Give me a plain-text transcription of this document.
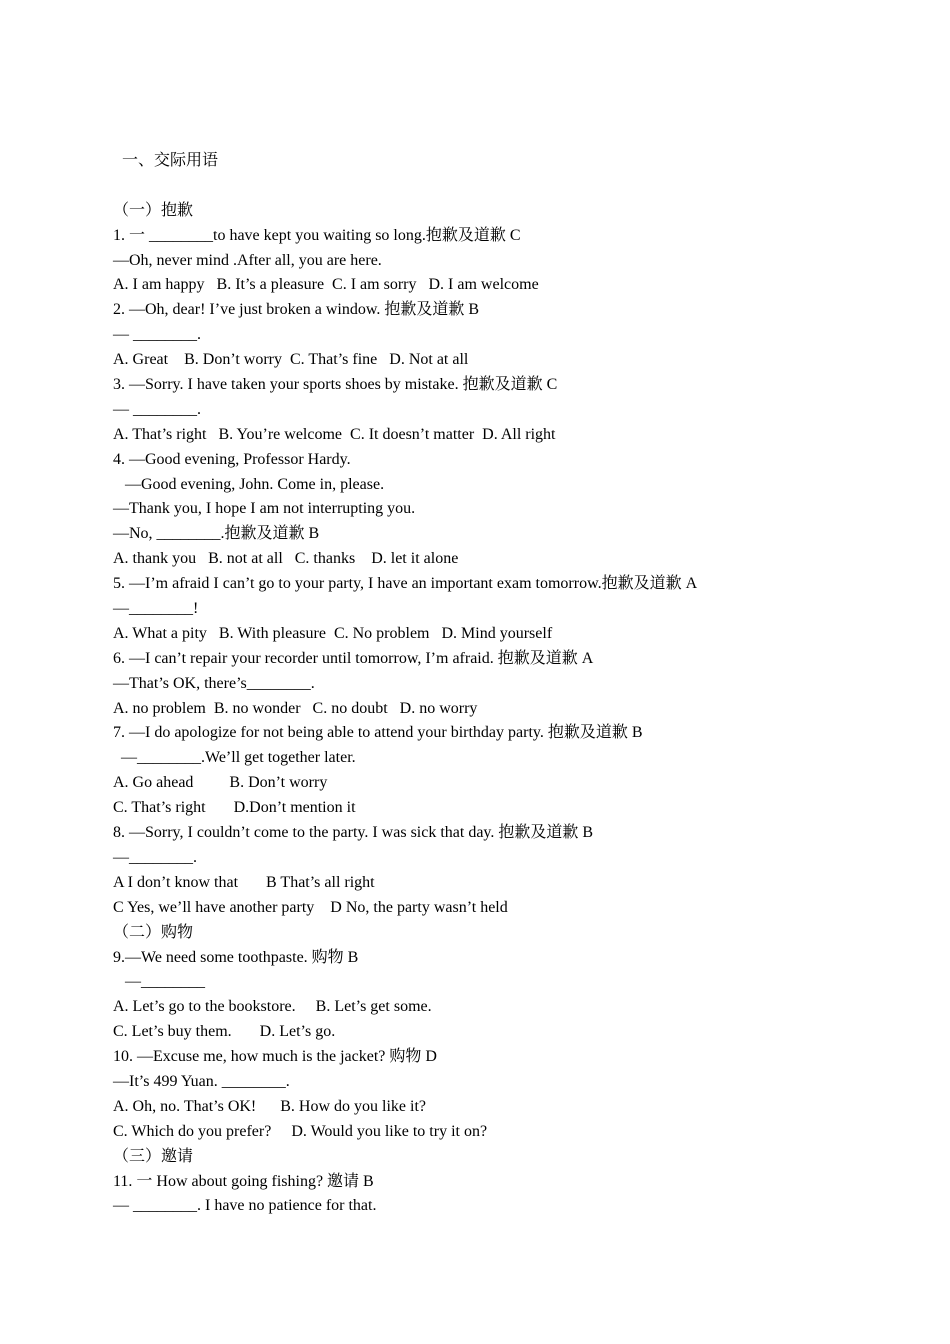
一、交际用语
（一）抱歉
1. 一 ________to have kept you waiting so long.抱歉及道歉 C
—Oh, never mind .After all, you are here.
A. I am happy   B. It’s a pleasure  C. I am sorry   D. I am welcome
2. —Oh, dear! I’ve just broken a window. 抱歉及道歉 B
— ________.
A. Great    B. Don’t worry  C. That’s fine   D. Not at all
3. —Sorry. I have taken your sports shoes by mistake. 抱歉及道歉 C
— ________.
A. That’s right   B. You’re welcome  C. It doesn’t matter  D. All right
4. —Good evening, Professor Hardy.
—Good evening, John. Come in, please.
—Thank you, I hope I am not interrupting you.
—No, ________.抱歉及道歉 B
A. thank you   B. not at all   C. thanks    D. let it alone
5. —I’m afraid I can’t go to your party, I have an important exam tomorrow.抱歉及道歉 A
—________!
A. What a pity   B. With pleasure  C. No problem   D. Mind yourself
6. —I can’t repair your recorder until tomorrow, I’m afraid. 抱歉及道歉 A
—That’s OK, there’s________.
A. no problem  B. no wonder   C. no doubt   D. no worry
7. —I do apologize for not being able to attend your birthday party. 抱歉及道歉 B
—________.We’ll get together later.
A. Go ahead         B. Don’t worry
C. That’s right       D.Don’t mention it
8. —Sorry, I couldn’t come to the party. I was sick that day. 抱歉及道歉 B
—________.
A I don’t know that       B That’s all right
C Yes, we’ll have another party    D No, the party wasn’t held
（二）购物
9.—We need some toothpaste. 购物 B
—________
A. Let’s go to the bookstore.     B. Let’s get some.
C. Let’s buy them.       D. Let’s go.
10. —Excuse me, how much is the jacket? 购物 D
—It’s 499 Yuan. ________.
A. Oh, no. That’s OK!      B. How do you like it?
C. Which do you prefer?     D. Would you like to try it on?
（三）邀请
11. 一 How about going fishing? 邀请 B
— ________. I have no patience for that.
